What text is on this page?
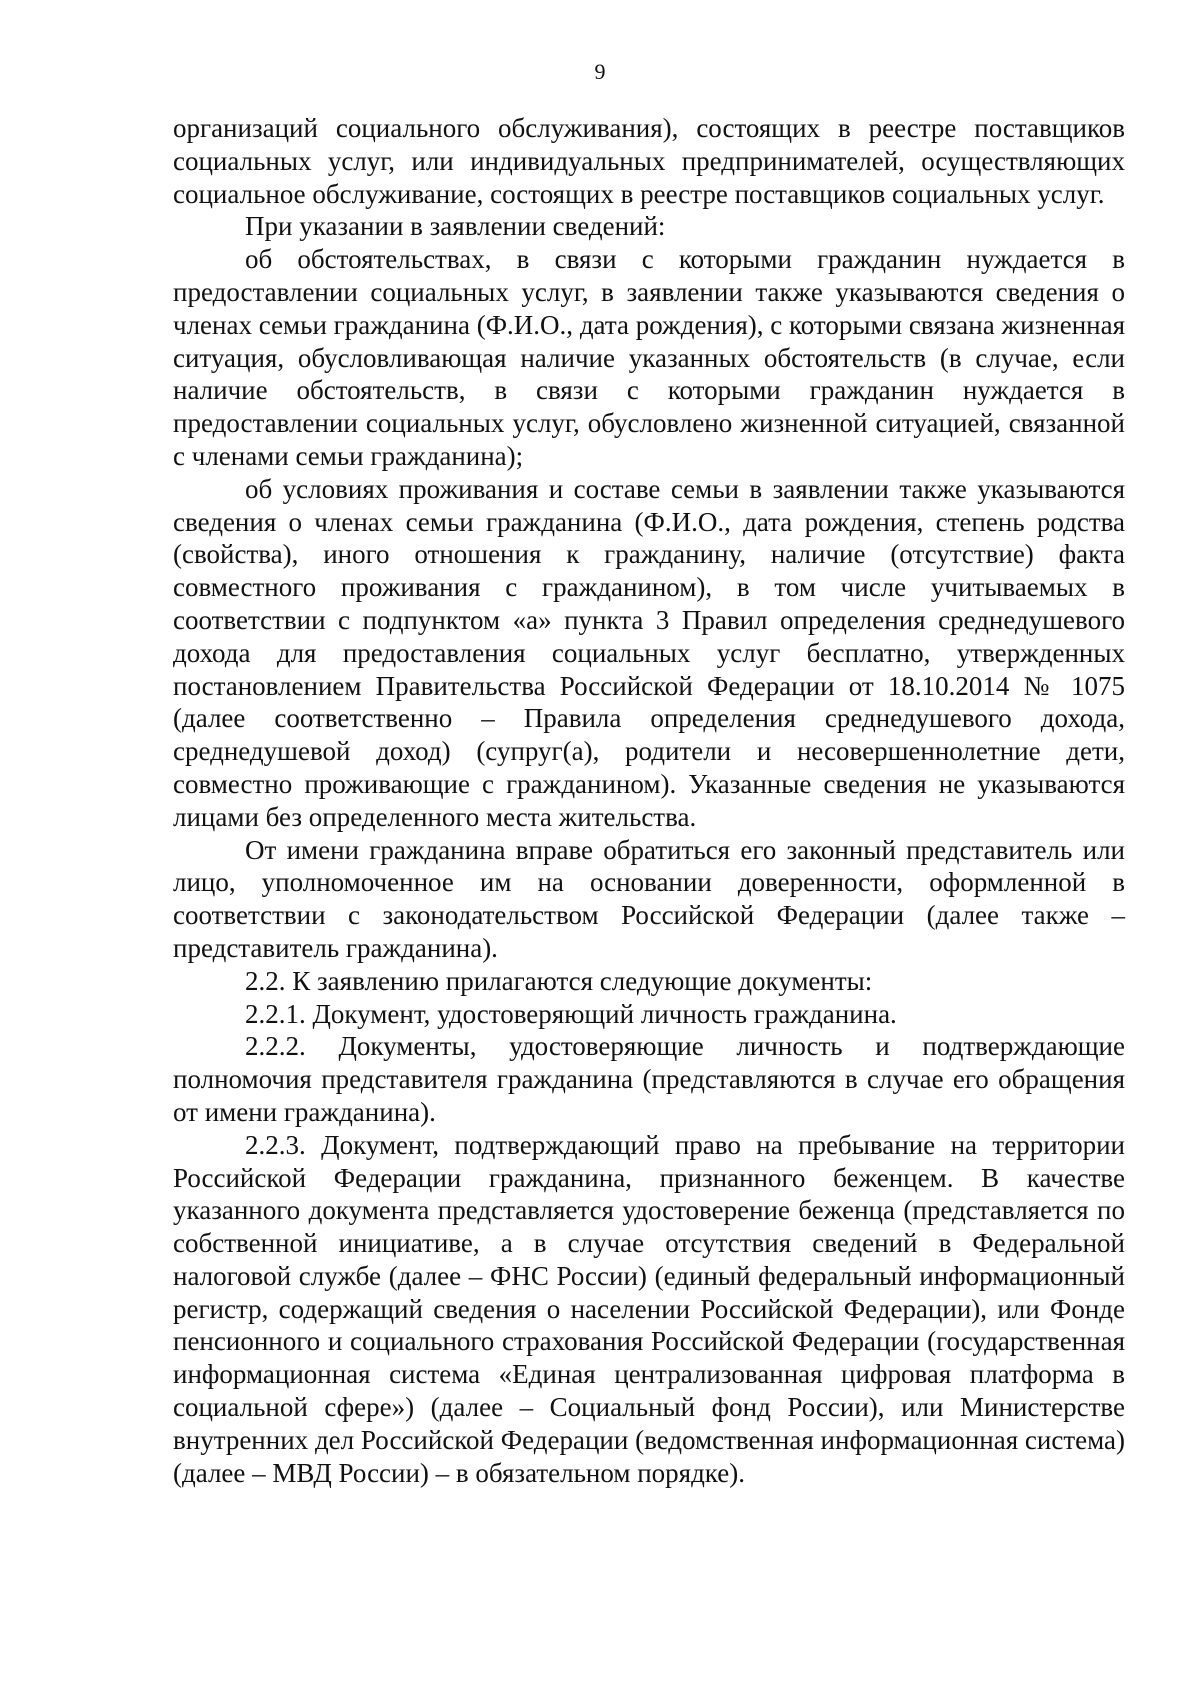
9

организаций социального обслуживания), состоящих в реестре поставщиков социальных услуг, или индивидуальных предпринимателей, осуществляющих социальное обслуживание, состоящих в реестре поставщиков социальных услуг.

При указании в заявлении сведений:

об обстоятельствах, в связи с которыми гражданин нуждается в предоставлении социальных услуг, в заявлении также указываются сведения о членах семьи гражданина (Ф.И.О., дата рождения), с которыми связана жизненная ситуация, обусловливающая наличие указанных обстоятельств (в случае, если наличие обстоятельств, в связи с которыми гражданин нуждается в предоставлении социальных услуг, обусловлено жизненной ситуацией, связанной с членами семьи гражданина);

об условиях проживания и составе семьи в заявлении также указываются сведения о членах семьи гражданина (Ф.И.О., дата рождения, степень родства (свойства), иного отношения к гражданину, наличие (отсутствие) факта совместного проживания с гражданином), в том числе учитываемых в соответствии с подпунктом «а» пункта 3 Правил определения среднедушевого дохода для предоставления социальных услуг бесплатно, утвержденных постановлением Правительства Российской Федерации от 18.10.2014 № 1075 (далее соответственно – Правила определения среднедушевого дохода, среднедушевой доход) (супруг(а), родители и несовершеннолетние дети, совместно проживающие с гражданином). Указанные сведения не указываются лицами без определенного места жительства.

От имени гражданина вправе обратиться его законный представитель или лицо, уполномоченное им на основании доверенности, оформленной в соответствии с законодательством Российской Федерации (далее также – представитель гражданина).

2.2. К заявлению прилагаются следующие документы:

2.2.1. Документ, удостоверяющий личность гражданина.

2.2.2. Документы, удостоверяющие личность и подтверждающие полномочия представителя гражданина (представляются в случае его обращения от имени гражданина).

2.2.3. Документ, подтверждающий право на пребывание на территории Российской Федерации гражданина, признанного беженцем. В качестве указанного документа представляется удостоверение беженца (представляется по собственной инициативе, а в случае отсутствия сведений в Федеральной налоговой службе (далее – ФНС России) (единый федеральный информационный регистр, содержащий сведения о населении Российской Федерации), или Фонде пенсионного и социального страхования Российской Федерации (государственная информационная система «Единая централизованная цифровая платформа в социальной сфере») (далее – Социальный фонд России), или Министерстве внутренних дел Российской Федерации (ведомственная информационная система) (далее – МВД России) – в обязательном порядке).
